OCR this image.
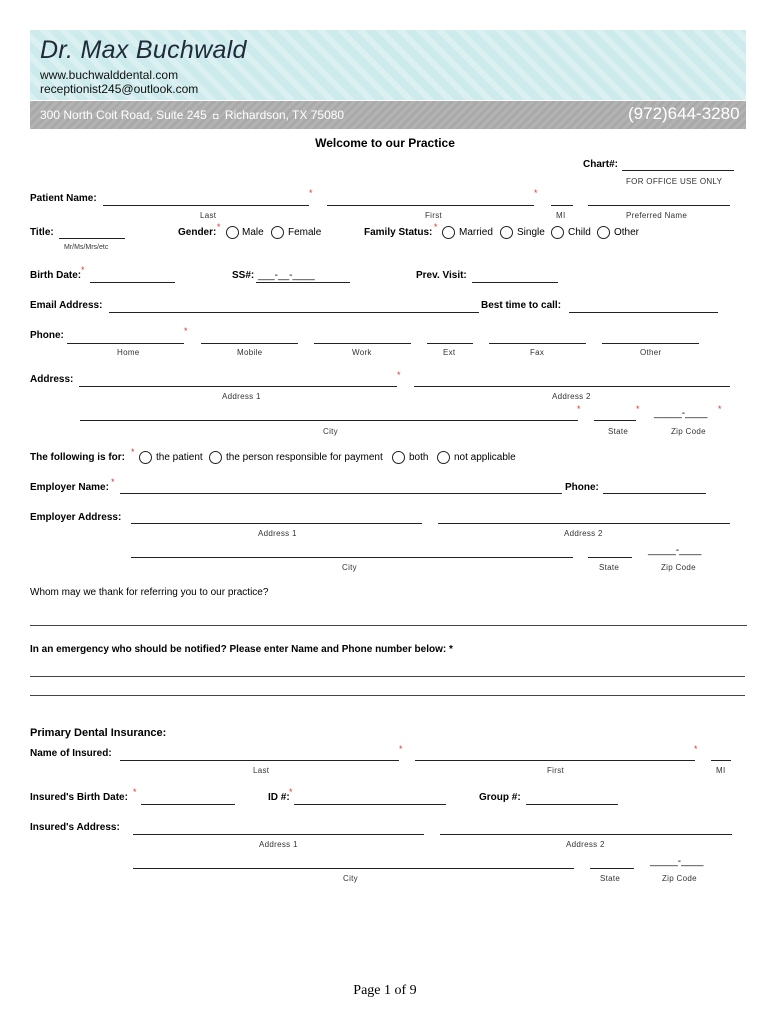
Dr. Max Buchwald
www.buchwalddental.com
receptionist245@outlook.com
300 North Coit Road, Suite 245 ◘ Richardson, TX 75080	(972)644-3280
Welcome to our Practice
Chart#:
FOR OFFICE USE ONLY
Patient Name:	*	*
Last	First	MI	Preferred Name
Title:
Mr/Ms/Mrs/etc
Gender: * Male Female	Family Status: * Married Single Child Other
Birth Date: *	SS#: ___-__-____	Prev. Visit:
Email Address:	Best time to call:
Phone:	*
Home	Mobile	Work	Ext	Fax	Other
Address:	*
Address 1	Address 2
*	* _____-____ *
City	State	Zip Code
The following is for: * the patient the person responsible for payment	both	not applicable
Employer Name: *	Phone:
Employer Address:
Address 1	Address 2
_____-____
City	State	Zip Code
Whom may we thank for referring you to our practice?
In an emergency who should be notified? Please enter Name and Phone number below: *
Primary Dental Insurance:
Name of Insured:	*	*
Last	First	MI
Insured's Birth Date: *	ID #: *	Group #:
Insured's Address:
Address 1	Address 2
_____-____
City	State	Zip Code
Page 1 of 9
